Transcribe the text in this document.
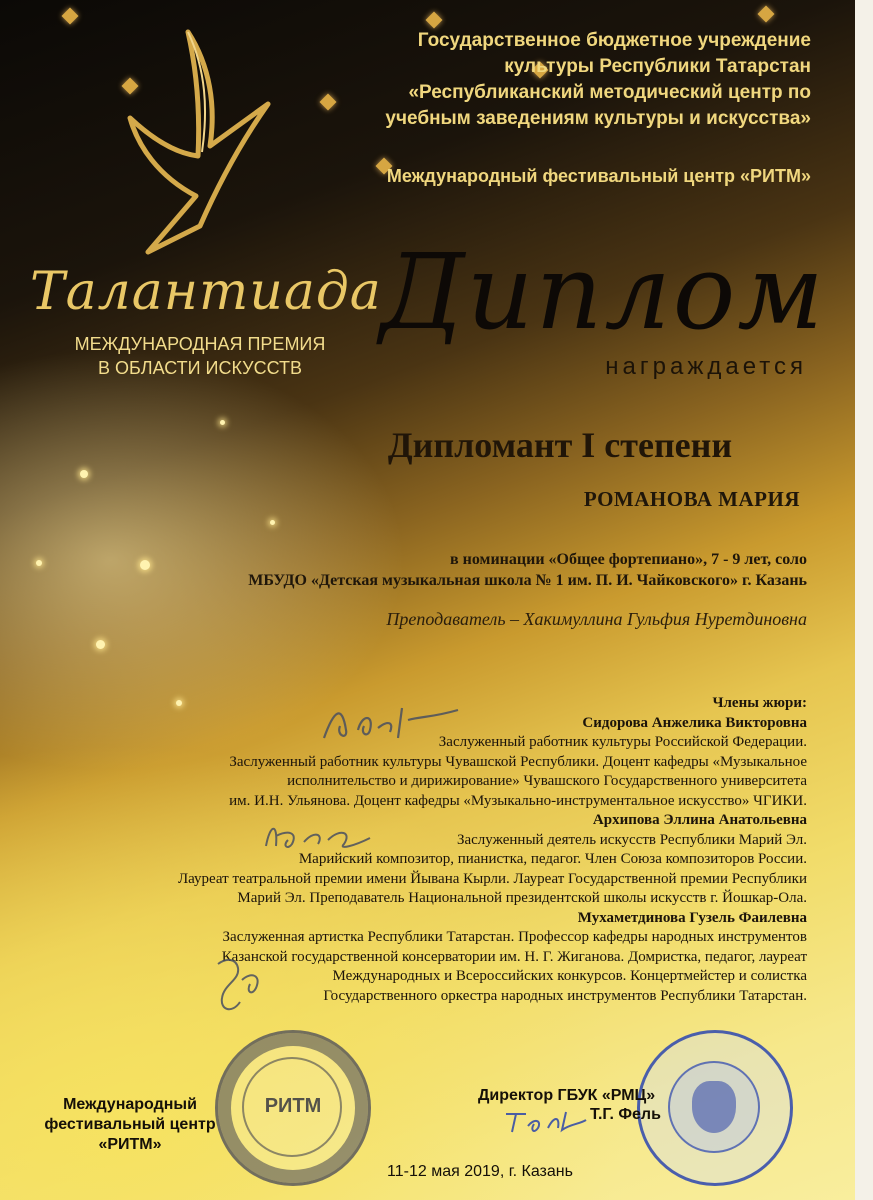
Талантиада
МЕЖДУНАРОДНАЯ ПРЕМИЯ
В ОБЛАСТИ ИСКУССТВ
Государственное бюджетное учреждение
культуры Республики Татарстан
«Республиканский методический центр по
учебным заведениям культуры и искусства»
Международный фестивальный центр «РИТМ»
Диплом
награждается
Дипломант I степени
РОМАНОВА МАРИЯ
в номинации «Общее фортепиано», 7 - 9 лет, соло
МБУДО «Детская музыкальная школа № 1 им. П. И. Чайковского» г. Казань
Преподаватель – Хакимуллина Гульфия Нуретдиновна
Члены жюри:
Сидорова Анжелика Викторовна
Заслуженный работник культуры Российской Федерации.
Заслуженный работник культуры Чувашской Республики. Доцент кафедры «Музыкальное
исполнительство и дирижирование» Чувашского Государственного университета
им. И.Н. Ульянова. Доцент кафедры «Музыкально-инструментальное искусство» ЧГИКИ.
Архипова Эллина Анатольевна
Заслуженный деятель искусств Республики Марий Эл.
Марийский композитор, пианистка, педагог. Член Союза композиторов России.
Лауреат театральной премии имени Йывана Кырли. Лауреат Государственной премии Республики
Марий Эл. Преподаватель Национальной президентской школы искусств г. Йошкар-Ола.
Мухаметдинова Гузель Фаилевна
Заслуженная артистка Республики Татарстан. Профессор кафедры народных инструментов
Казанской государственной консерватории им. Н. Г. Жиганова. Домристка, педагог, лауреат
Международных и Всероссийских конкурсов. Концертмейстер и солистка
Государственного оркестра народных инструментов Республики Татарстан.
РИТМ
Международный
фестивальный центр
«РИТМ»
Директор ГБУК «РМЦ»
Т.Г. Фель
11-12 мая 2019, г. Казань
